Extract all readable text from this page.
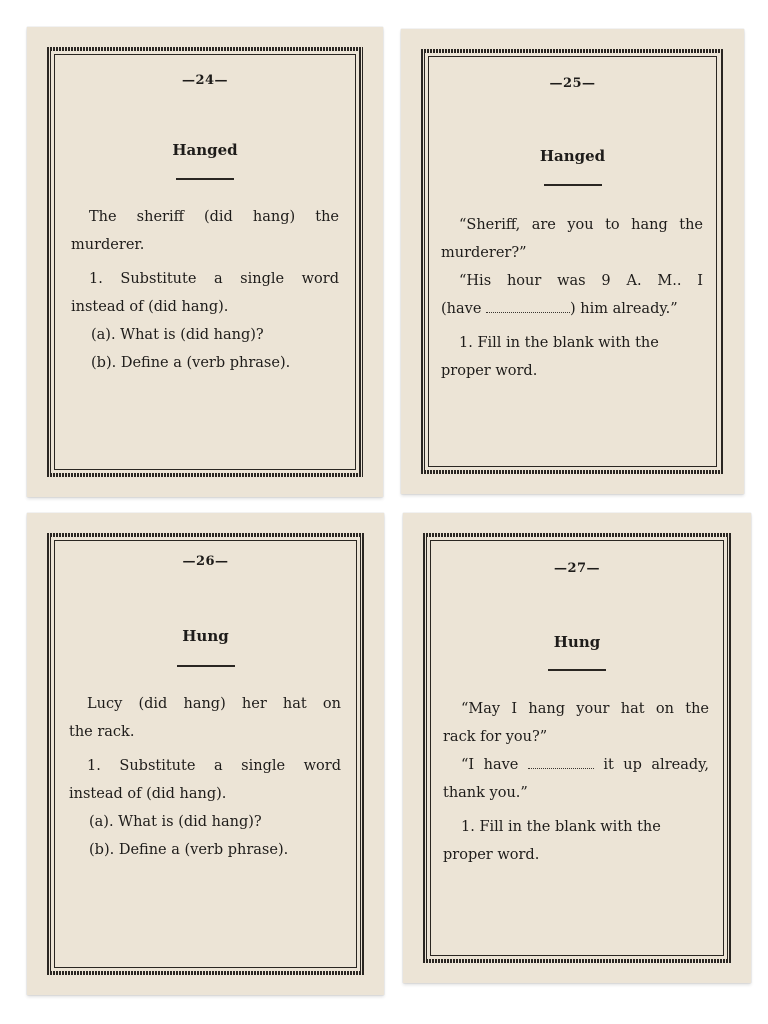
—24—
Hanged

The sheriff (did hang) the

murderer.

1. Substitute a single word

instead of (did hang).

(a). What is (did hang)?

(b). Define a (verb phrase).

—25—
Hanged

“Sheriff, are you to hang the

murderer?”

“His hour was 9 A. M.. I

(have	) him already.”

1. Fill in the blank with the

proper word.

—26—
Hung

Lucy (did hang) her hat on

the rack.

1. Substitute a single word

instead of (did hang).

(a). What is (did hang)?

(b). Define a (verb phrase).

—27—
Hung

“May I hang your hat on the

rack for you?”

“I have	it up already,

thank you.”

1. Fill in the blank with the

proper word.
